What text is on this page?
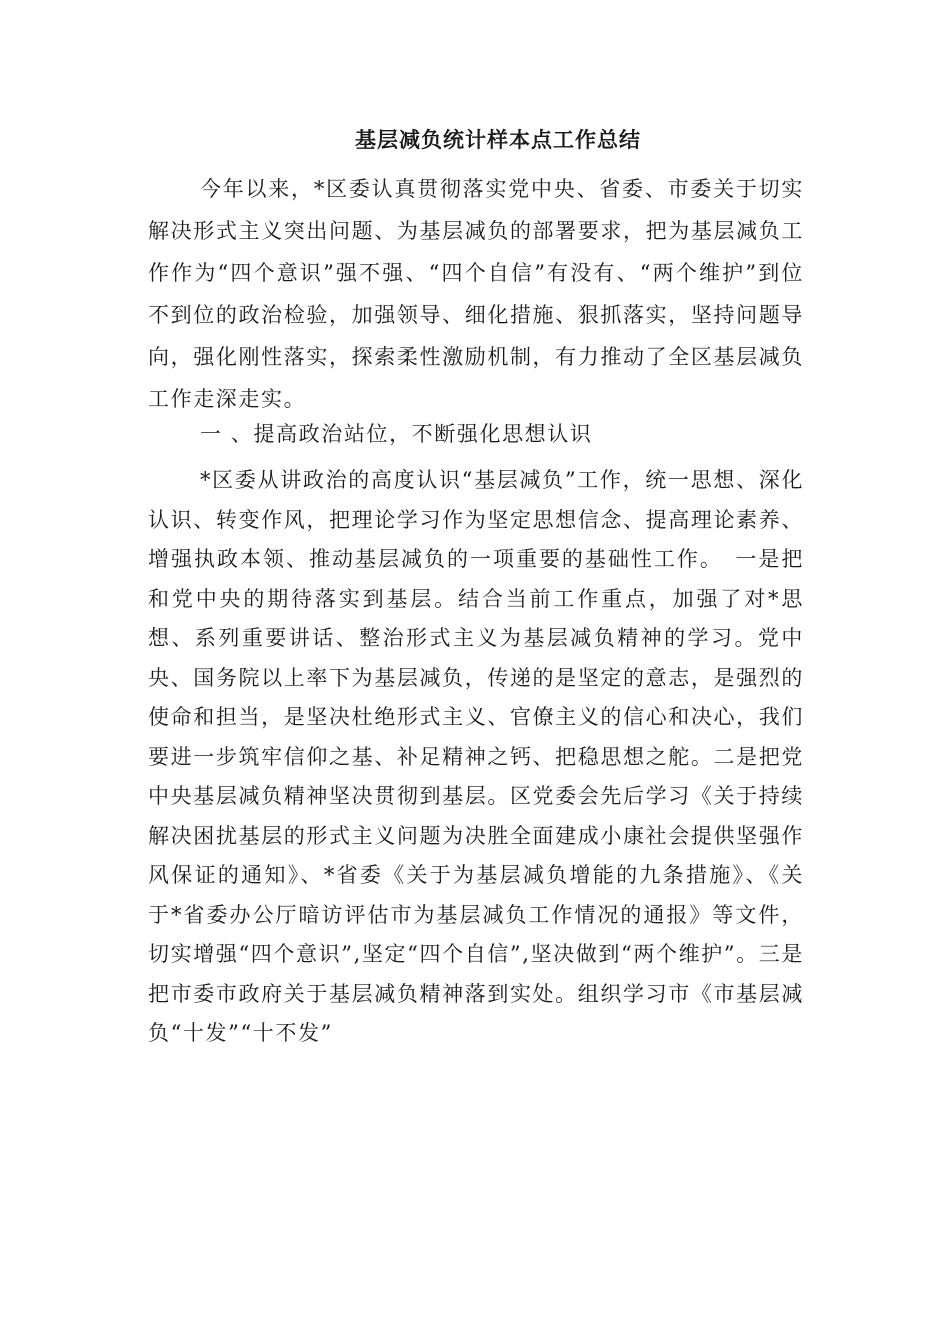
基层减负统计样本点工作总结

今年以来，*区委认真贯彻落实党中央、省委、市委关于切实解决形式主义突出问题、为基层减负的部署要求，把为基层减负工作作为“四个意识”强不强、“四个自信”有没有、“两个维护”到位不到位的政治检验，加强领导、细化措施、狠抓落实，坚持问题导向，强化刚性落实，探索柔性激励机制，有力推动了全区基层减负工作走深走实。

一 、提高政治站位，不断强化思想认识

*区委从讲政治的高度认识“基层减负”工作，统一思想、深化认识、转变作风，把理论学习作为坚定思想信念、提高理论素养、增强执政本领、推动基层减负的一项重要的基础性工作。　一是把和党中央的期待落实到基层。结合当前工作重点，加强了对*思想、系列重要讲话、整治形式主义为基层减负精神的学习。党中央、国务院以上率下为基层减负，传递的是坚定的意志，是强烈的使命和担当，是坚决杜绝形式主义、官僚主义的信心和决心，我们要进一步筑牢信仰之基、补足精神之钙、把稳思想之舵。二是把党中央基层减负精神坚决贯彻到基层。区党委会先后学习《关于持续解决困扰基层的形式主义问题为决胜全面建成小康社会提供坚强作风保证的通知》、*省委《关于为基层减负增能的九条措施》、《关于*省委办公厅暗访评估市为基层减负工作情况的通报》等文件，切实增强“四个意识”,坚定“四个自信”,坚决做到“两个维护”。三是把市委市政府关于基层减负精神落到实处。组织学习市《市基层减负“十发”“十不发”
